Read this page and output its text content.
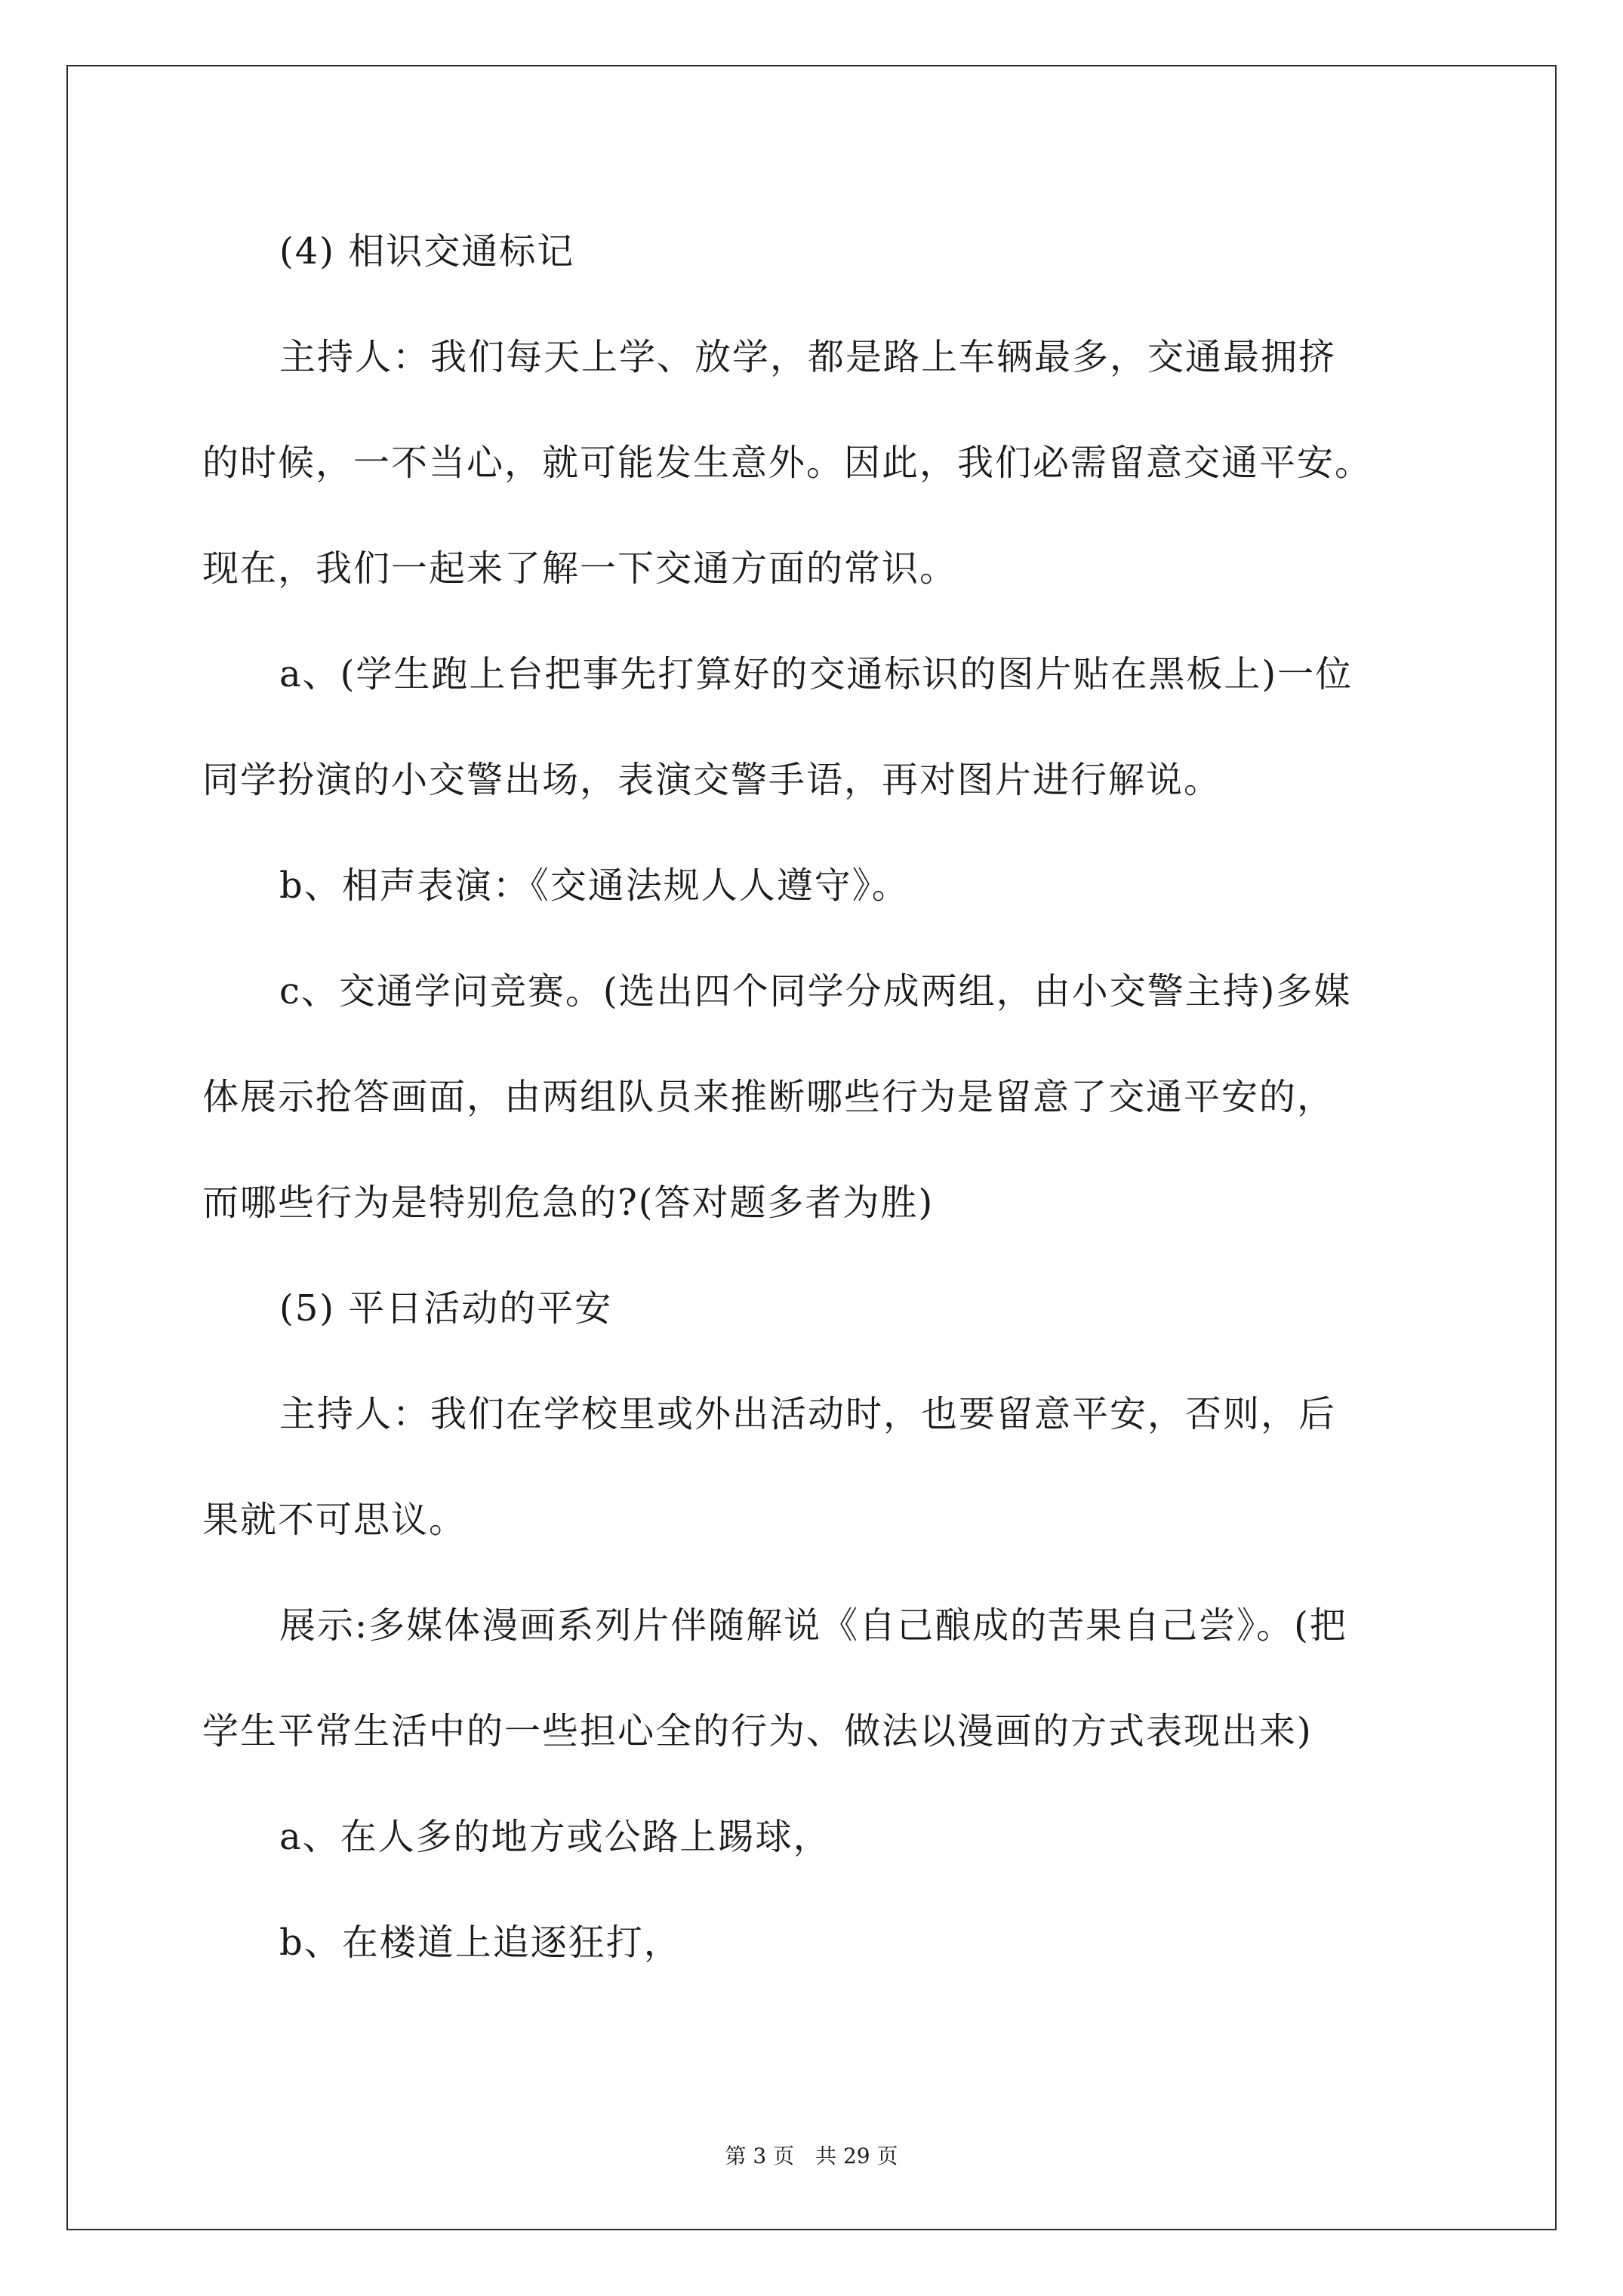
(4) 相识交通标记
主持人：我们每天上学、放学，都是路上车辆最多，交通最拥挤
的时候，一不当心，就可能发生意外。因此，我们必需留意交通平安。
现在，我们一起来了解一下交通方面的常识。
a、(学生跑上台把事先打算好的交通标识的图片贴在黑板上)一位
同学扮演的小交警出场，表演交警手语，再对图片进行解说。
b、相声表演：《交通法规人人遵守》。
c、交通学问竞赛。(选出四个同学分成两组，由小交警主持)多媒
体展示抢答画面，由两组队员来推断哪些行为是留意了交通平安的，
而哪些行为是特别危急的?(答对题多者为胜)
(5) 平日活动的平安
主持人：我们在学校里或外出活动时，也要留意平安，否则，后
果就不可思议。
展示:多媒体漫画系列片伴随解说《自己酿成的苦果自己尝》。(把
学生平常生活中的一些担心全的行为、做法以漫画的方式表现出来)
a、在人多的地方或公路上踢球，
b、在楼道上追逐狂打，
第 3 页　共 29 页
